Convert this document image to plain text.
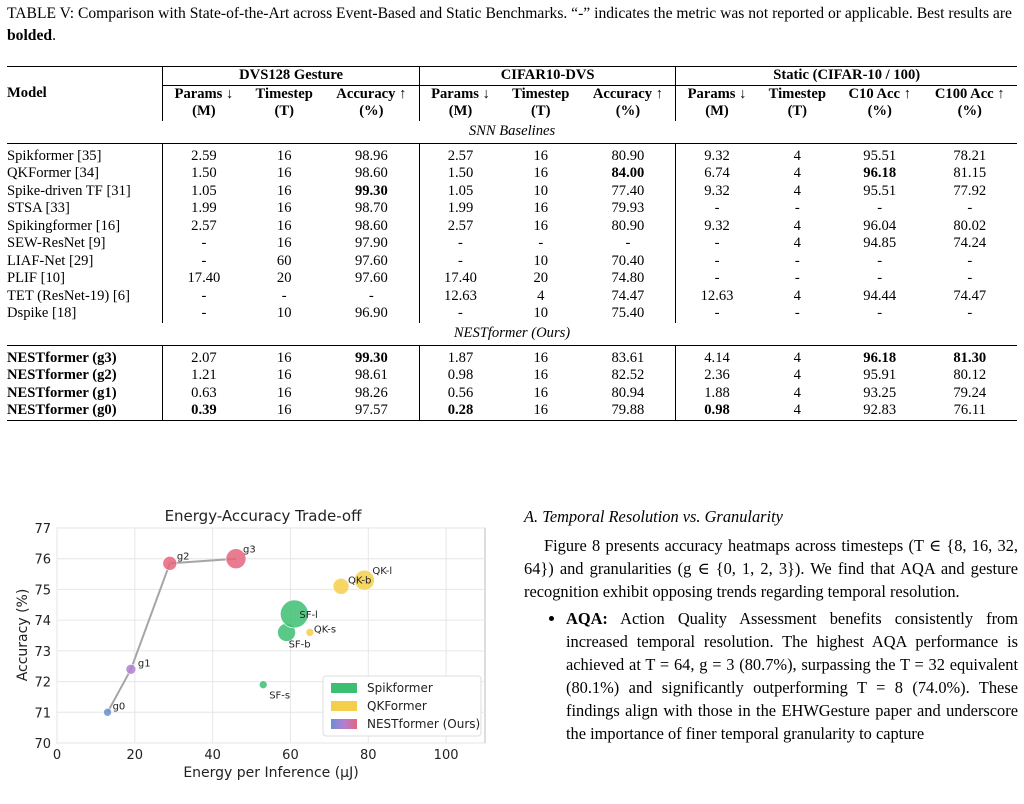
TABLE V: Comparison with State-of-the-Art across Event-Based and Static Benchmarks. “-” indicates the metric was not reported or applicable. Best results are bolded.
Model	DVS128 Gesture			CIFAR10-DVS			Static (CIFAR-10 / 100)			
	Params ↓	Timestep	Accuracy ↑	Params ↓	Timestep	Accuracy ↑	Params ↓	Timestep	C10 Acc ↑	C100 Acc ↑
	(M)	(T)	(%)	(M)	(T)	(%)	(M)	(T)	(%)	(%)
SNN Baselines										
Spikformer [35]	2.59	16	98.96	2.57	16	80.90	9.32	4	95.51	78.21
QKFormer [34]	1.50	16	98.60	1.50	16	84.00	6.74	4	96.18	81.15
Spike-driven TF [31]	1.05	16	99.30	1.05	10	77.40	9.32	4	95.51	77.92
STSA [33]	1.99	16	98.70	1.99	16	79.93	-	-	-	-
Spikingformer [16]	2.57	16	98.60	2.57	16	80.90	9.32	4	96.04	80.02
SEW-ResNet [9]	-	16	97.90	-	-	-	-	4	94.85	74.24
LIAF-Net [29]	-	60	97.60	-	10	70.40	-	-	-	-
PLIF [10]	17.40	20	97.60	17.40	20	74.80	-	-	-	-
TET (ResNet-19) [6]	-	-	-	12.63	4	74.47	12.63	4	94.44	74.47
Dspike [18]	-	10	96.90	-	10	75.40	-	-	-	-
NESTformer (Ours)										
NESTformer (g3)	2.07	16	99.30	1.87	16	83.61	4.14	4	96.18	81.30
NESTformer (g2)	1.21	16	98.61	0.98	16	82.52	2.36	4	95.91	80.12
NESTformer (g1)	0.63	16	98.26	0.56	16	80.94	1.88	4	93.25	79.24
NESTformer (g0)	0.39	16	97.57	0.28	16	79.88	0.98	4	92.83	76.11
Energy-Accuracy Trade-off
70
71
72
73
74
75
76
77
0	20	40	60	80	100
Energy per Inference (μJ)
Accuracy (%)
SF-s
SF-b
SF-l
QK-s
QK-b
QK-l
g0
g1
g2
g3
Spikformer
QKFormer
NESTformer (Ours)
A. Temporal Resolution vs. Granularity

Figure 8 presents accuracy heatmaps across timesteps (T ∈ {8, 16, 32, 64}) and granularities (g ∈ {0, 1, 2, 3}). We find that AQA and gesture recognition exhibit opposing trends regarding temporal resolution.

• AQA: Action Quality Assessment benefits consistently from increased temporal resolution. The highest AQA performance is achieved at T = 64, g = 3 (80.7%), surpassing the T = 32 equivalent (80.1%) and significantly outperforming T = 8 (74.0%). These findings align with those in the EHWGesture paper and underscore the importance of finer temporal granularity to capture
